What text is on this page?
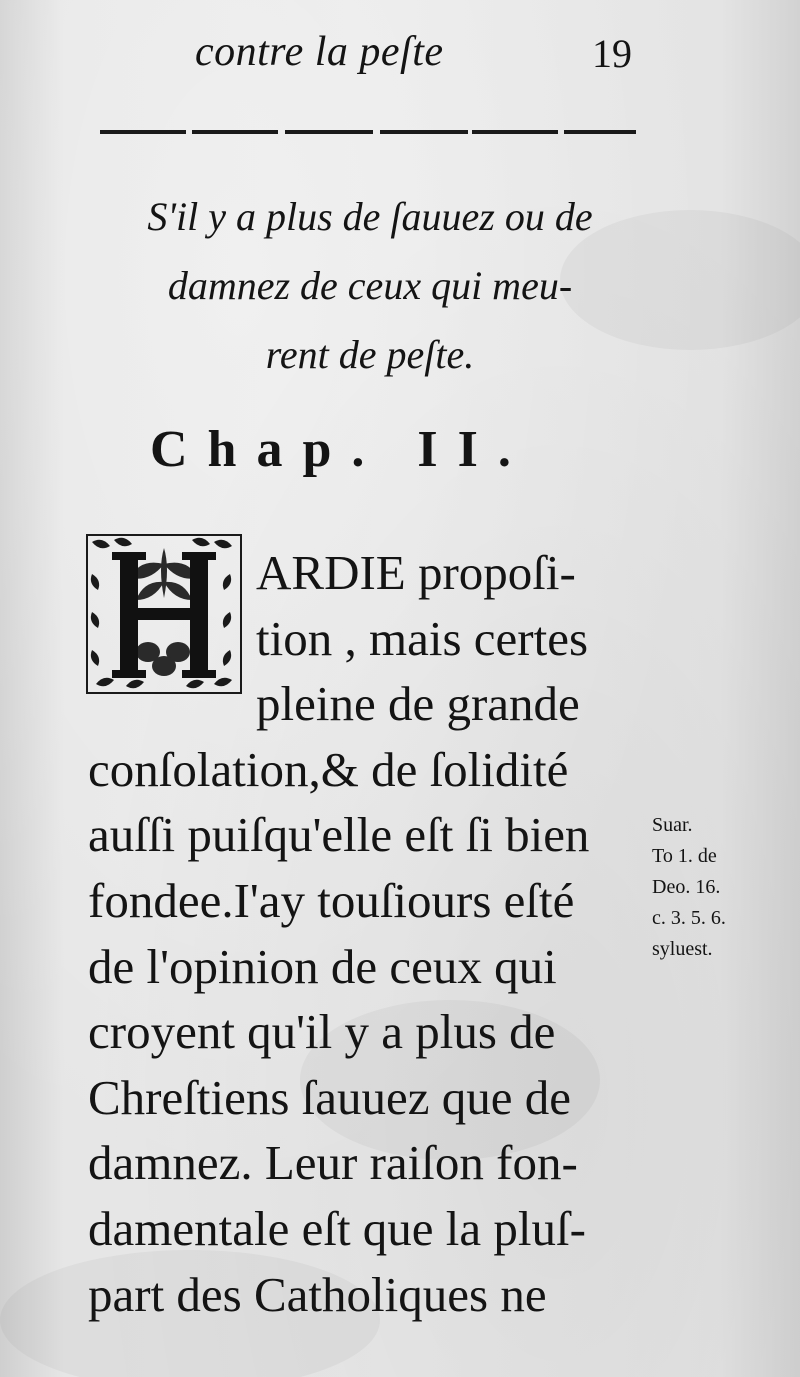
contre la peſte	19
S'il y a plus de ſauuez ou de
damnez de ceux qui meu-
rent de peſte.
Chap. II.
ARDIE propoſi-
tion , mais certes
pleine de grande
conſolation,& de ſolidité
auſſi puiſqu'elle eſt ſi bien
fondee.I'ay touſiours eſté
de l'opinion de ceux qui
croyent qu'il y a plus de
Chreſtiens ſauuez que de
damnez. Leur raiſon fon-
damentale eſt que la pluſ-
part des Catholiques ne
Suar.
To 1. de
Deo. 16.
c. 3. 5. 6.
syluest.
